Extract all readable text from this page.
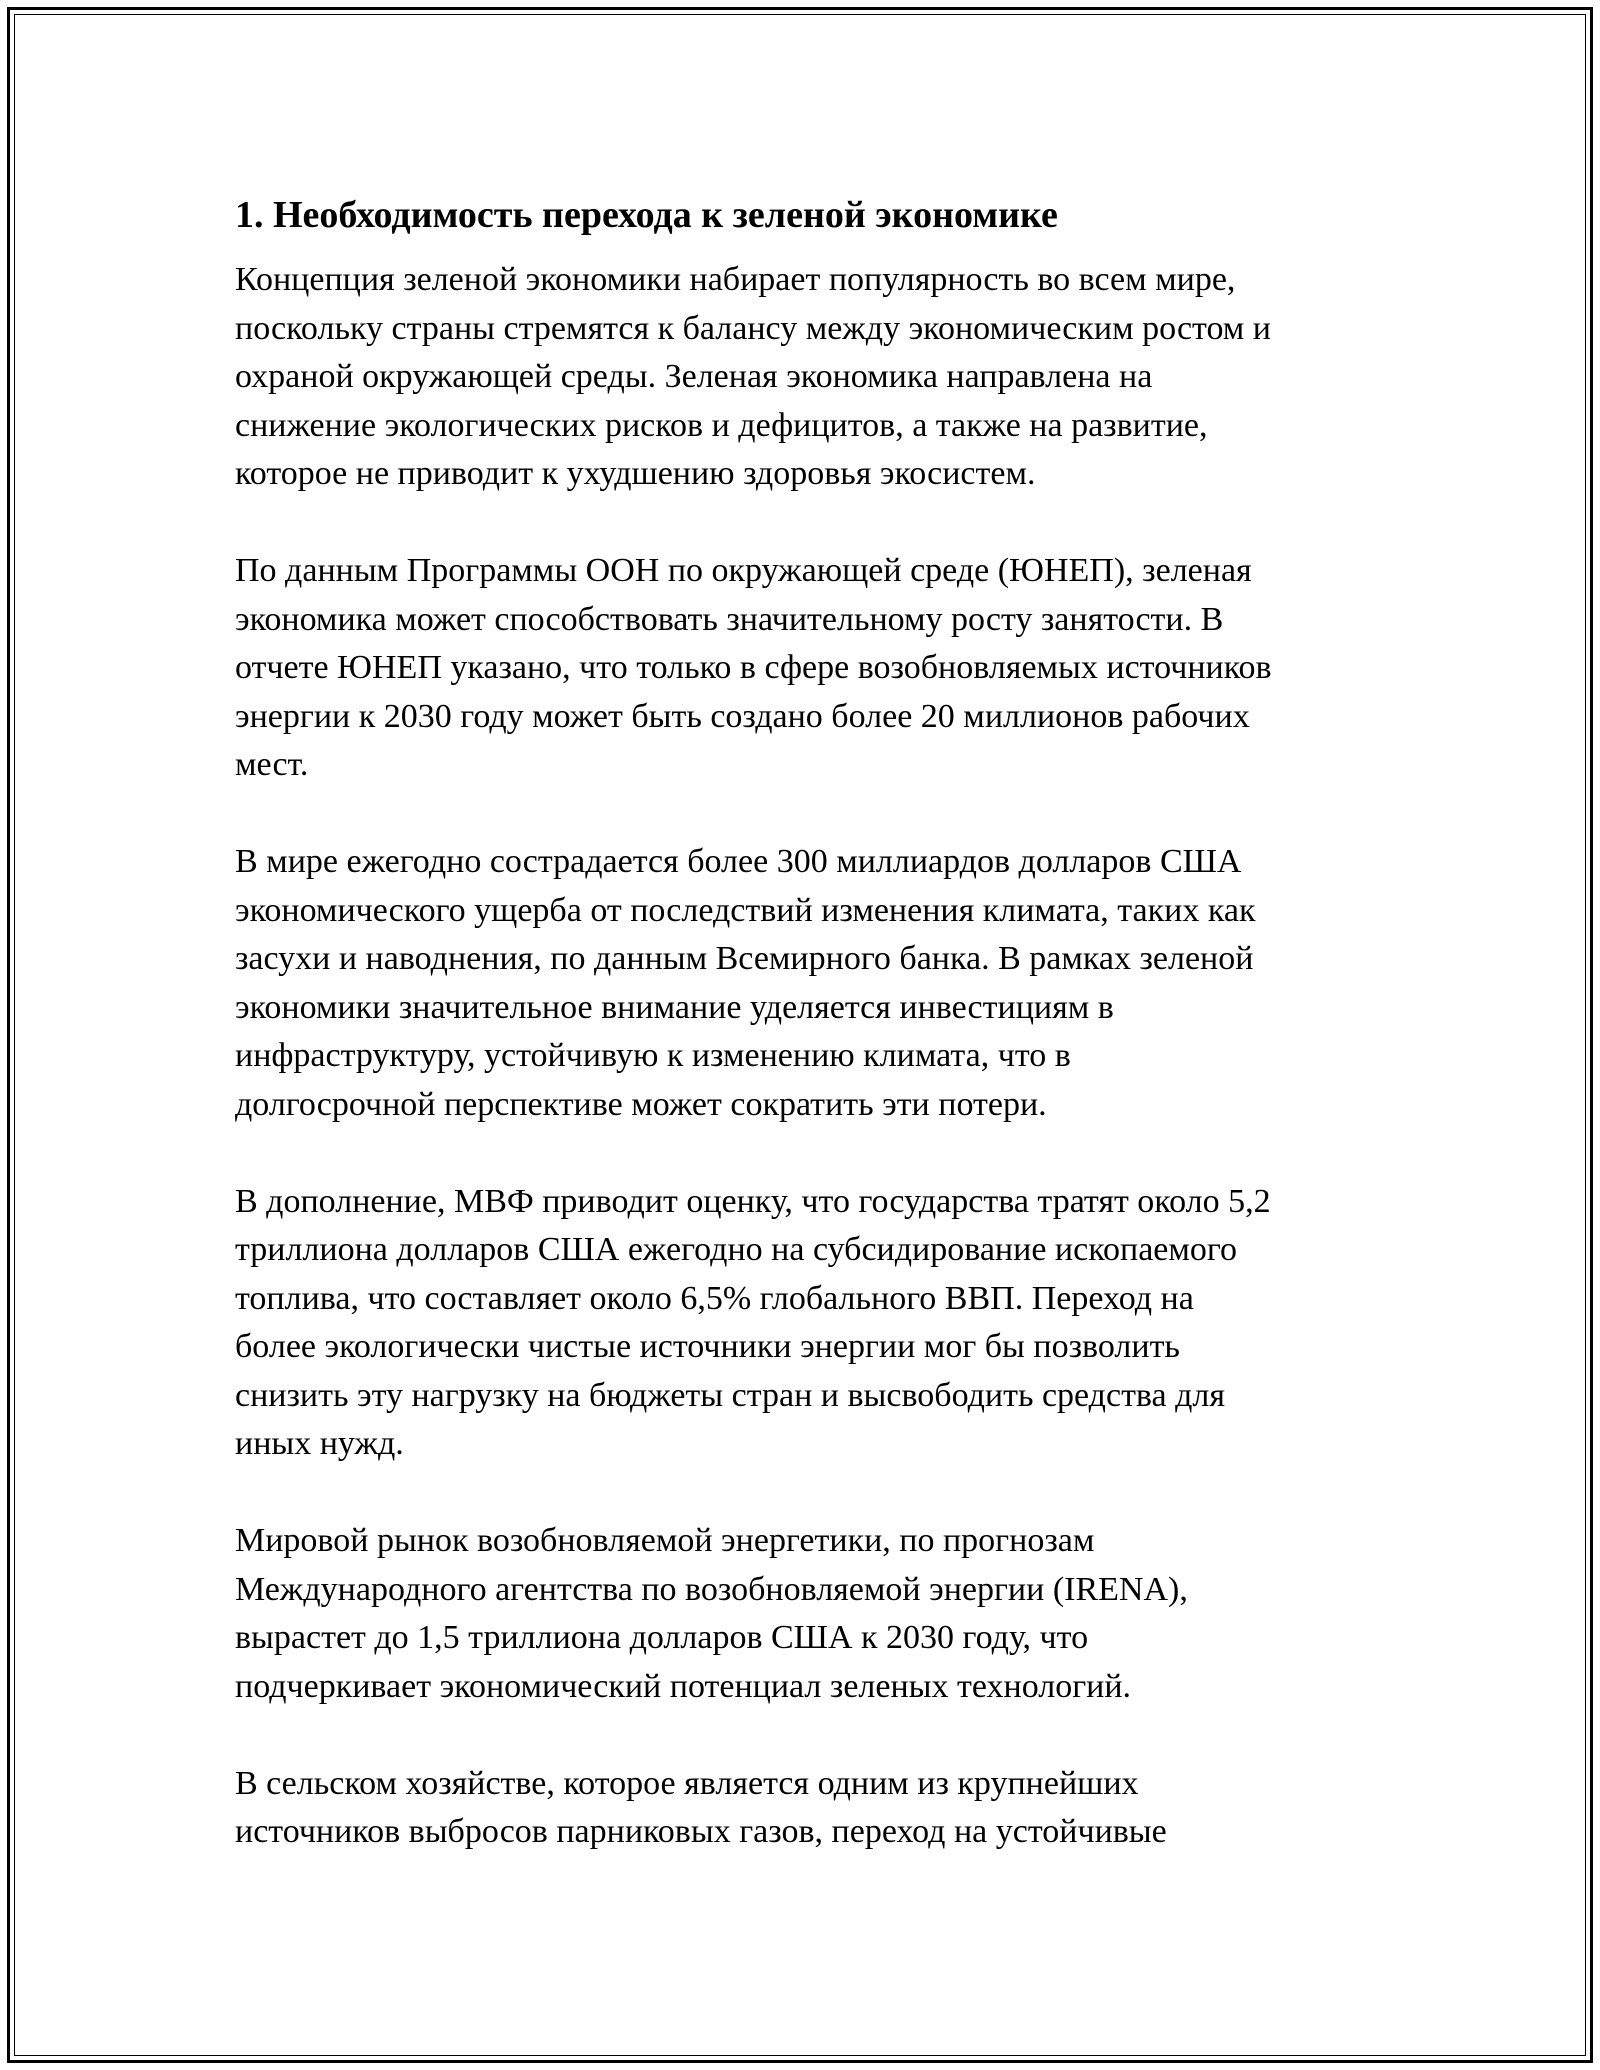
1. Необходимость перехода к зеленой экономике
Концепция зеленой экономики набирает популярность во всем мире,
поскольку страны стремятся к балансу между экономическим ростом и
охраной окружающей среды. Зеленая экономика направлена на
снижение экологических рисков и дефицитов, а также на развитие,
которое не приводит к ухудшению здоровья экосистем.
По данным Программы ООН по окружающей среде (ЮНЕП), зеленая
экономика может способствовать значительному росту занятости. В
отчете ЮНЕП указано, что только в сфере возобновляемых источников
энергии к 2030 году может быть создано более 20 миллионов рабочих
мест.
В мире ежегодно сострадается более 300 миллиардов долларов США
экономического ущерба от последствий изменения климата, таких как
засухи и наводнения, по данным Всемирного банка. В рамках зеленой
экономики значительное внимание уделяется инвестициям в
инфраструктуру, устойчивую к изменению климата, что в
долгосрочной перспективе может сократить эти потери.
В дополнение, МВФ приводит оценку, что государства тратят около 5,2
триллиона долларов США ежегодно на субсидирование ископаемого
топлива, что составляет около 6,5% глобального ВВП. Переход на
более экологически чистые источники энергии мог бы позволить
снизить эту нагрузку на бюджеты стран и высвободить средства для
иных нужд.
Мировой рынок возобновляемой энергетики, по прогнозам
Международного агентства по возобновляемой энергии (IRENA),
вырастет до 1,5 триллиона долларов США к 2030 году, что
подчеркивает экономический потенциал зеленых технологий.
В сельском хозяйстве, которое является одним из крупнейших
источников выбросов парниковых газов, переход на устойчивые
